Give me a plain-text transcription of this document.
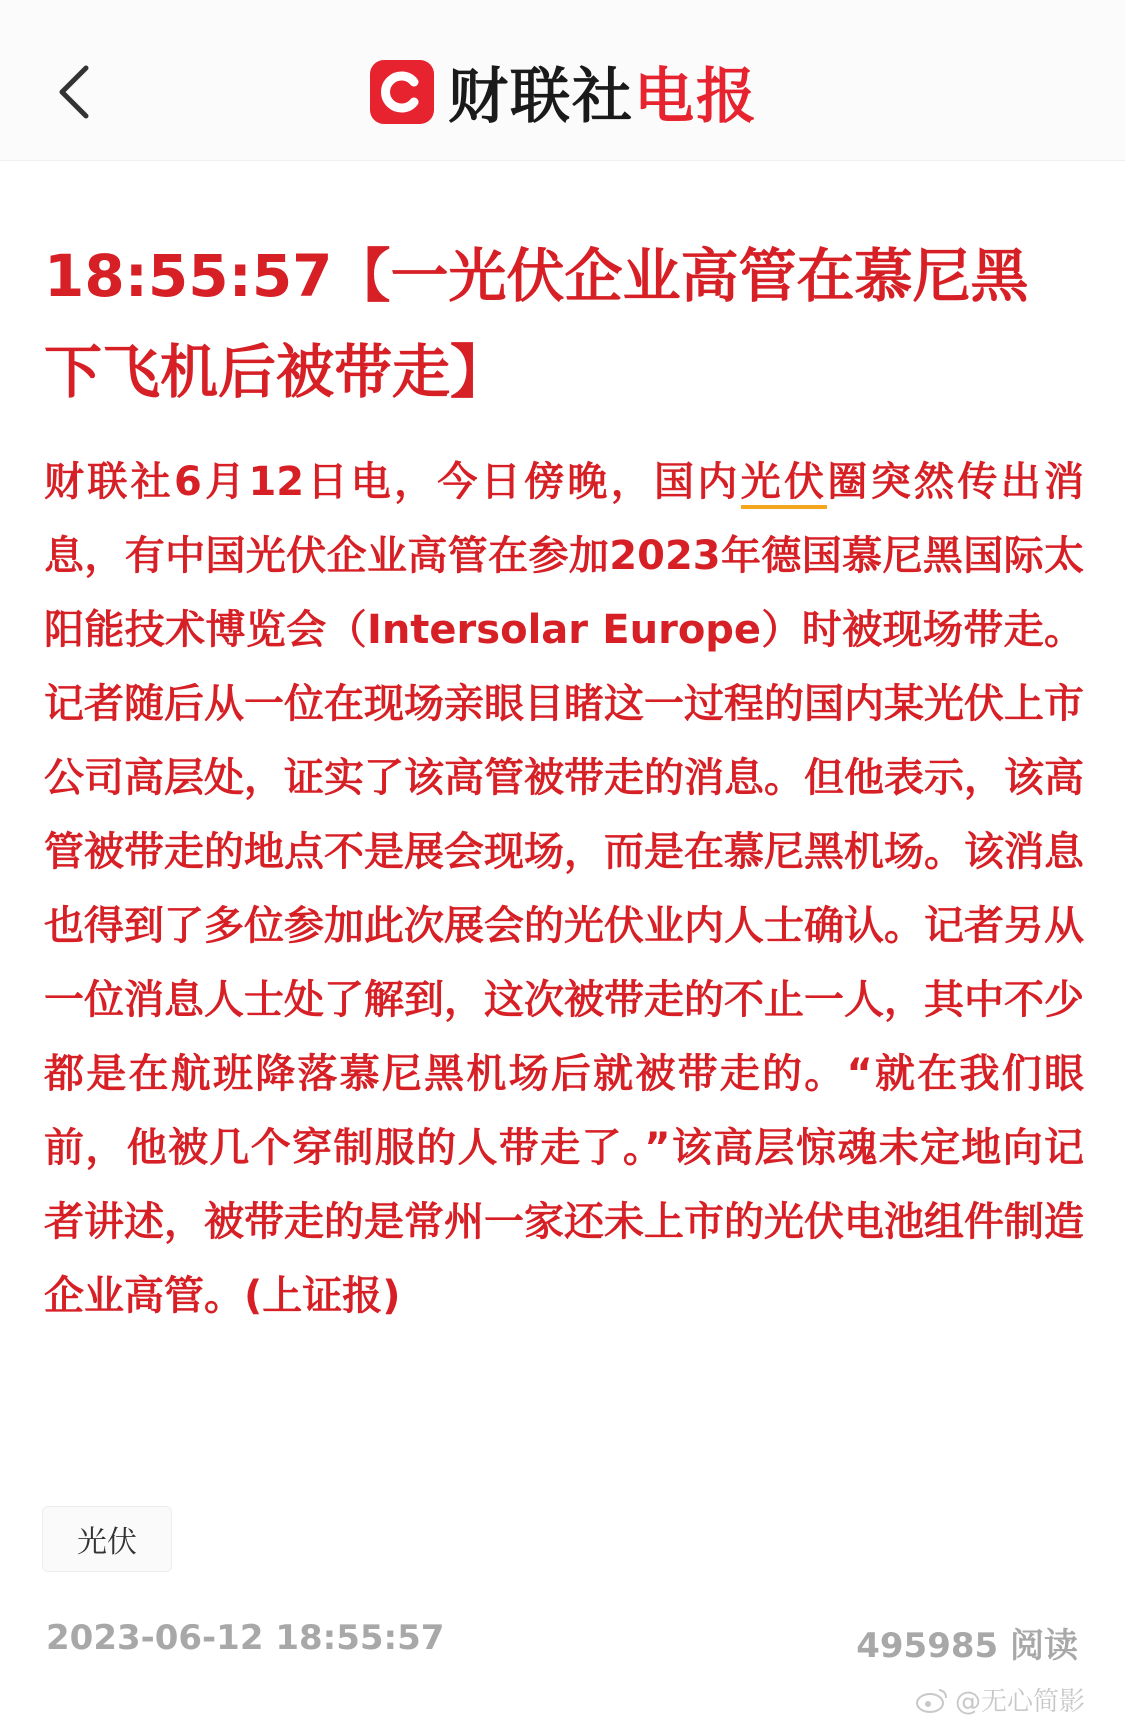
财联社电报
18:55:57【一光伏企业高管在慕尼黑下飞机后被带走】

财联社6月12日电，今日傍晚，国内光伏圈突然传出消息，有中国光伏企业高管在参加2023年德国慕尼黑国际太阳能技术博览会（Intersolar Europe）时被现场带走。记者随后从一位在现场亲眼目睹这一过程的国内某光伏上市公司高层处，证实了该高管被带走的消息。但他表示，该高管被带走的地点不是展会现场，而是在慕尼黑机场。该消息也得到了多位参加此次展会的光伏业内人士确认。记者另从一位消息人士处了解到，这次被带走的不止一人，其中不少都是在航班降落慕尼黑机场后就被带走的。“就在我们眼前，他被几个穿制服的人带走了。”该高层惊魂未定地向记者讲述，被带走的是常州一家还未上市的光伏电池组件制造企业高管。(上证报)

光伏
2023-06-12 18:55:57	495985 阅读
@无心简影
